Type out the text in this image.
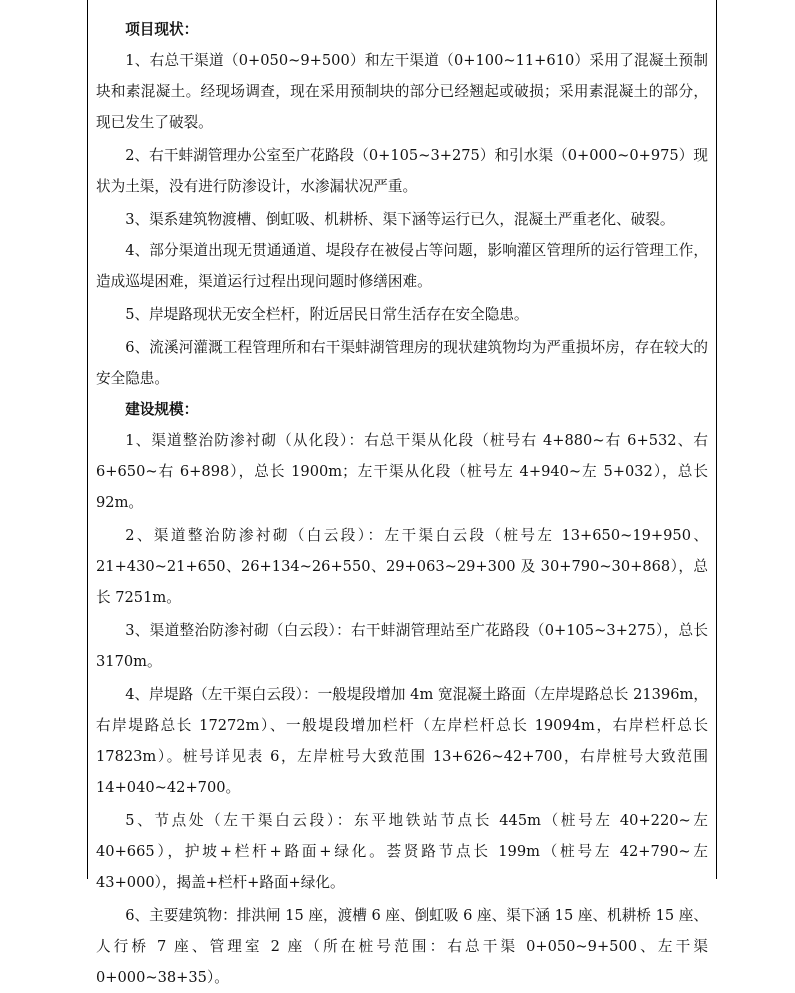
项目现状：

1、右总干渠道（0+050~9+500）和左干渠道（0+100~11+610）采用了混凝土预制块和素混凝土。经现场调查，现在采用预制块的部分已经翘起或破损；采用素混凝土的部分，现已发生了破裂。

2、右干蚌湖管理办公室至广花路段（0+105~3+275）和引水渠（0+000~0+975）现状为土渠，没有进行防渗设计，水渗漏状况严重。

3、渠系建筑物渡槽、倒虹吸、机耕桥、渠下涵等运行已久，混凝土严重老化、破裂。

4、部分渠道出现无贯通通道、堤段存在被侵占等问题，影响灌区管理所的运行管理工作，造成巡堤困难，渠道运行过程出现问题时修缮困难。

5、岸堤路现状无安全栏杆，附近居民日常生活存在安全隐患。

6、流溪河灌溉工程管理所和右干渠蚌湖管理房的现状建筑物均为严重损坏房，存在较大的安全隐患。

建设规模：

1、渠道整治防渗衬砌（从化段）：右总干渠从化段（桩号右 4+880~右 6+532、右 6+650~右 6+898），总长 1900m；左干渠从化段（桩号左 4+940~左 5+032），总长 92m。

2、渠道整治防渗衬砌（白云段）：左干渠白云段（桩号左 13+650~19+950、21+430~21+650、26+134~26+550、29+063~29+300 及 30+790~30+868），总长 7251m。

3、渠道整治防渗衬砌（白云段）：右干蚌湖管理站至广花路段（0+105~3+275），总长 3170m。

4、岸堤路（左干渠白云段）：一般堤段增加 4m 宽混凝土路面（左岸堤路总长 21396m，右岸堤路总长 17272m）、一般堤段增加栏杆（左岸栏杆总长 19094m，右岸栏杆总长 17823m）。桩号详见表 6，左岸桩号大致范围 13+626~42+700，右岸桩号大致范围 14+040~42+700。

5、节点处（左干渠白云段）：东平地铁站节点长 445m（桩号左 40+220~左 40+665），护坡+栏杆+路面+绿化。荟贤路节点长 199m（桩号左 42+790~左 43+000），揭盖+栏杆+路面+绿化。

6、主要建筑物：排洪闸 15 座，渡槽 6 座、倒虹吸 6 座、渠下涵 15 座、机耕桥 15 座、人行桥 7 座、管理室 2 座（所在桩号范围：右总干渠 0+050~9+500、左干渠 0+000~38+35）。
